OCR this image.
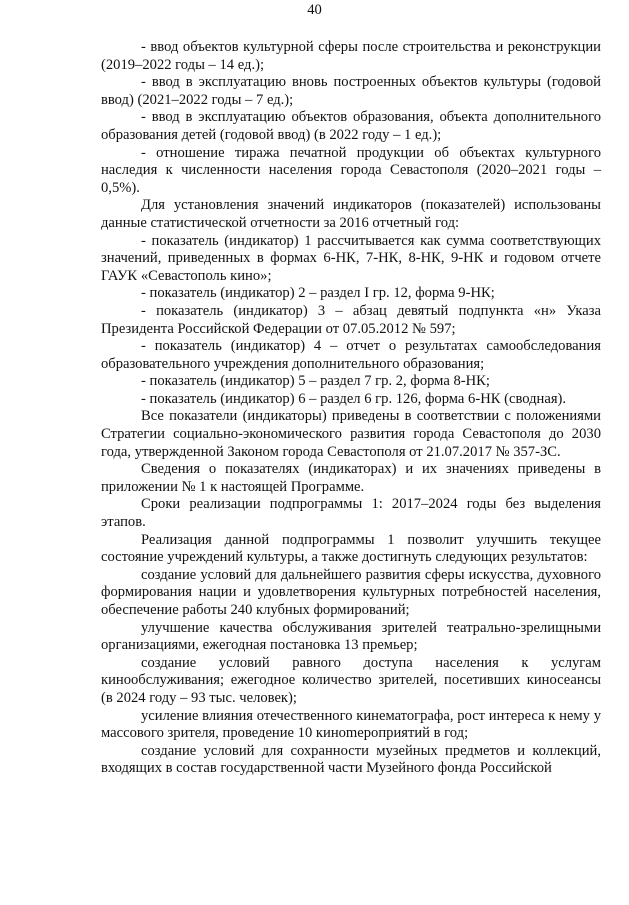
40

- ввод объектов культурной сферы после строительства и реконструкции (2019–2022 годы – 14 ед.);

- ввод в эксплуатацию вновь построенных объектов культуры (годовой ввод) (2021–2022 годы – 7 ед.);

- ввод в эксплуатацию объектов образования, объекта дополнительного образования детей (годовой ввод) (в 2022 году – 1 ед.);

- отношение тиража печатной продукции об объектах культурного наследия к численности населения города Севастополя (2020–2021 годы – 0,5%).

Для установления значений индикаторов (показателей) использованы данные статистической отчетности за 2016 отчетный год:

- показатель (индикатор) 1 рассчитывается как сумма соответствующих значений, приведенных в формах 6-НК, 7-НК, 8-НК, 9-НК и годовом отчете ГАУК «Севастополь кино»;

- показатель (индикатор) 2 – раздел I гр. 12, форма 9-НК;

- показатель (индикатор) 3 – абзац девятый подпункта «н» Указа Президента Российской Федерации от 07.05.2012 № 597;

- показатель (индикатор) 4 – отчет о результатах самообследования образовательного учреждения дополнительного образования;

- показатель (индикатор) 5 – раздел 7 гр. 2, форма 8-НК;

- показатель (индикатор) 6 – раздел 6 гр. 126, форма 6-НК (сводная).

Все показатели (индикаторы) приведены в соответствии с положениями Стратегии социально-экономического развития города Севастополя до 2030 года, утвержденной Законом города Севастополя от 21.07.2017 № 357-ЗС.

Сведения о показателях (индикаторах) и их значениях приведены в приложении № 1 к настоящей Программе.

Сроки реализации подпрограммы 1: 2017–2024 годы без выделения этапов.

Реализация данной подпрограммы 1 позволит улучшить текущее состояние учреждений культуры, а также достигнуть следующих результатов:

создание условий для дальнейшего развития сферы искусства, духовного формирования нации и удовлетворения культурных потребностей населения, обеспечение работы 240 клубных формирований;

улучшение качества обслуживания зрителей театрально-зрелищными организациями, ежегодная постановка 13 премьер;

создание условий равного доступа населения к услугам кинообслуживания; ежегодное количество зрителей, посетивших киносеансы (в 2024 году – 93 тыс. человек);

усиление влияния отечественного кинематографа, рост интереса к нему у массового зрителя, проведение 10 кинomероприятий в год;

создание условий для сохранности музейных предметов и коллекций, входящих в состав государственной части Музейного фонда Российской
